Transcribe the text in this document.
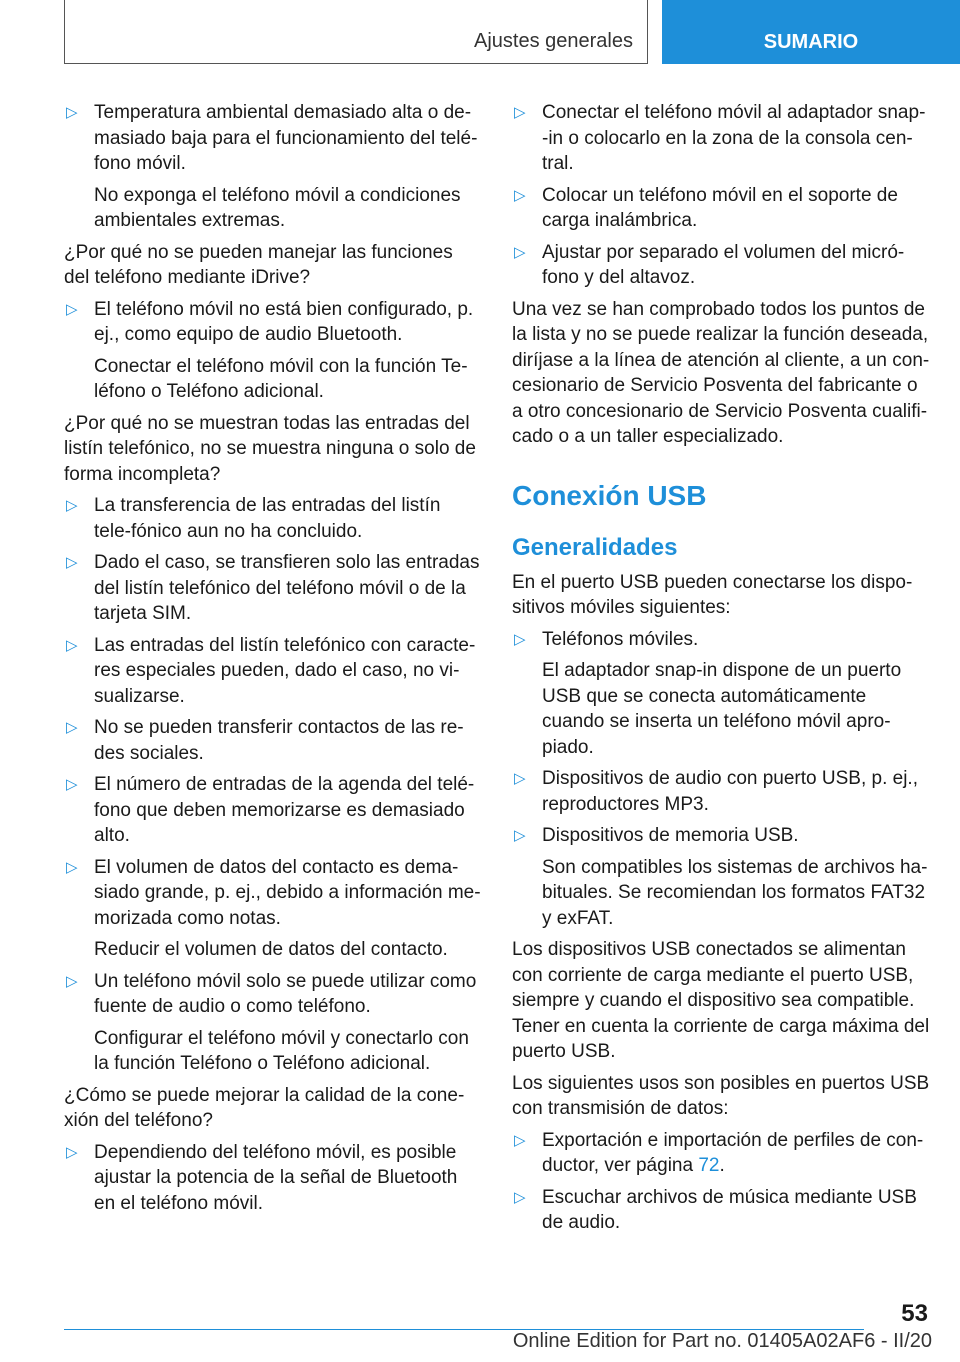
Ajustes generales	SUMARIO
▷ Temperatura ambiental demasiado alta o de-masiado baja para el funcionamiento del telé-fono móvil.
No exponga el teléfono móvil a condiciones ambientales extremas.
¿Por qué no se pueden manejar las funciones del teléfono mediante iDrive?
▷ El teléfono móvil no está bien configurado, p. ej., como equipo de audio Bluetooth.
Conectar el teléfono móvil con la función Te-léfono o Teléfono adicional.
¿Por qué no se muestran todas las entradas del listín telefónico, no se muestra ninguna o solo de forma incompleta?
▷ La transferencia de las entradas del listín tele-fónico aun no ha concluido.
▷ Dado el caso, se transfieren solo las entradas del listín telefónico del teléfono móvil o de la tarjeta SIM.
▷ Las entradas del listín telefónico con caracte-res especiales pueden, dado el caso, no vi-sualizarse.
▷ No se pueden transferir contactos de las re-des sociales.
▷ El número de entradas de la agenda del telé-fono que deben memorizarse es demasiado alto.
▷ El volumen de datos del contacto es dema-siado grande, p. ej., debido a información me-morizada como notas.
Reducir el volumen de datos del contacto.
▷ Un teléfono móvil solo se puede utilizar como fuente de audio o como teléfono.
Configurar el teléfono móvil y conectarlo con la función Teléfono o Teléfono adicional.
¿Cómo se puede mejorar la calidad de la cone-xión del teléfono?
▷ Dependiendo del teléfono móvil, es posible ajustar la potencia de la señal de Bluetooth en el teléfono móvil.
▷ Conectar el teléfono móvil al adaptador snap--in o colocarlo en la zona de la consola cen-tral.
▷ Colocar un teléfono móvil en el soporte de carga inalámbrica.
▷ Ajustar por separado el volumen del micró-fono y del altavoz.
Una vez se han comprobado todos los puntos de la lista y no se puede realizar la función deseada, diríjase a la línea de atención al cliente, a un con-cesionario de Servicio Posventa del fabricante o a otro concesionario de Servicio Posventa cualifi-cado o a un taller especializado.
Conexión USB
Generalidades
En el puerto USB pueden conectarse los dispo-sitivos móviles siguientes:
▷ Teléfonos móviles.
El adaptador snap-in dispone de un puerto USB que se conecta automáticamente cuando se inserta un teléfono móvil apro-piado.
▷ Dispositivos de audio con puerto USB, p. ej., reproductores MP3.
▷ Dispositivos de memoria USB.
Son compatibles los sistemas de archivos ha-bituales. Se recomiendan los formatos FAT32 y exFAT.
Los dispositivos USB conectados se alimentan con corriente de carga mediante el puerto USB, siempre y cuando el dispositivo sea compatible. Tener en cuenta la corriente de carga máxima del puerto USB.
Los siguientes usos son posibles en puertos USB con transmisión de datos:
▷ Exportación e importación de perfiles de con-ductor, ver página 72.
▷ Escuchar archivos de música mediante USB de audio.
53
Online Edition for Part no. 01405A02AF6 - II/20
